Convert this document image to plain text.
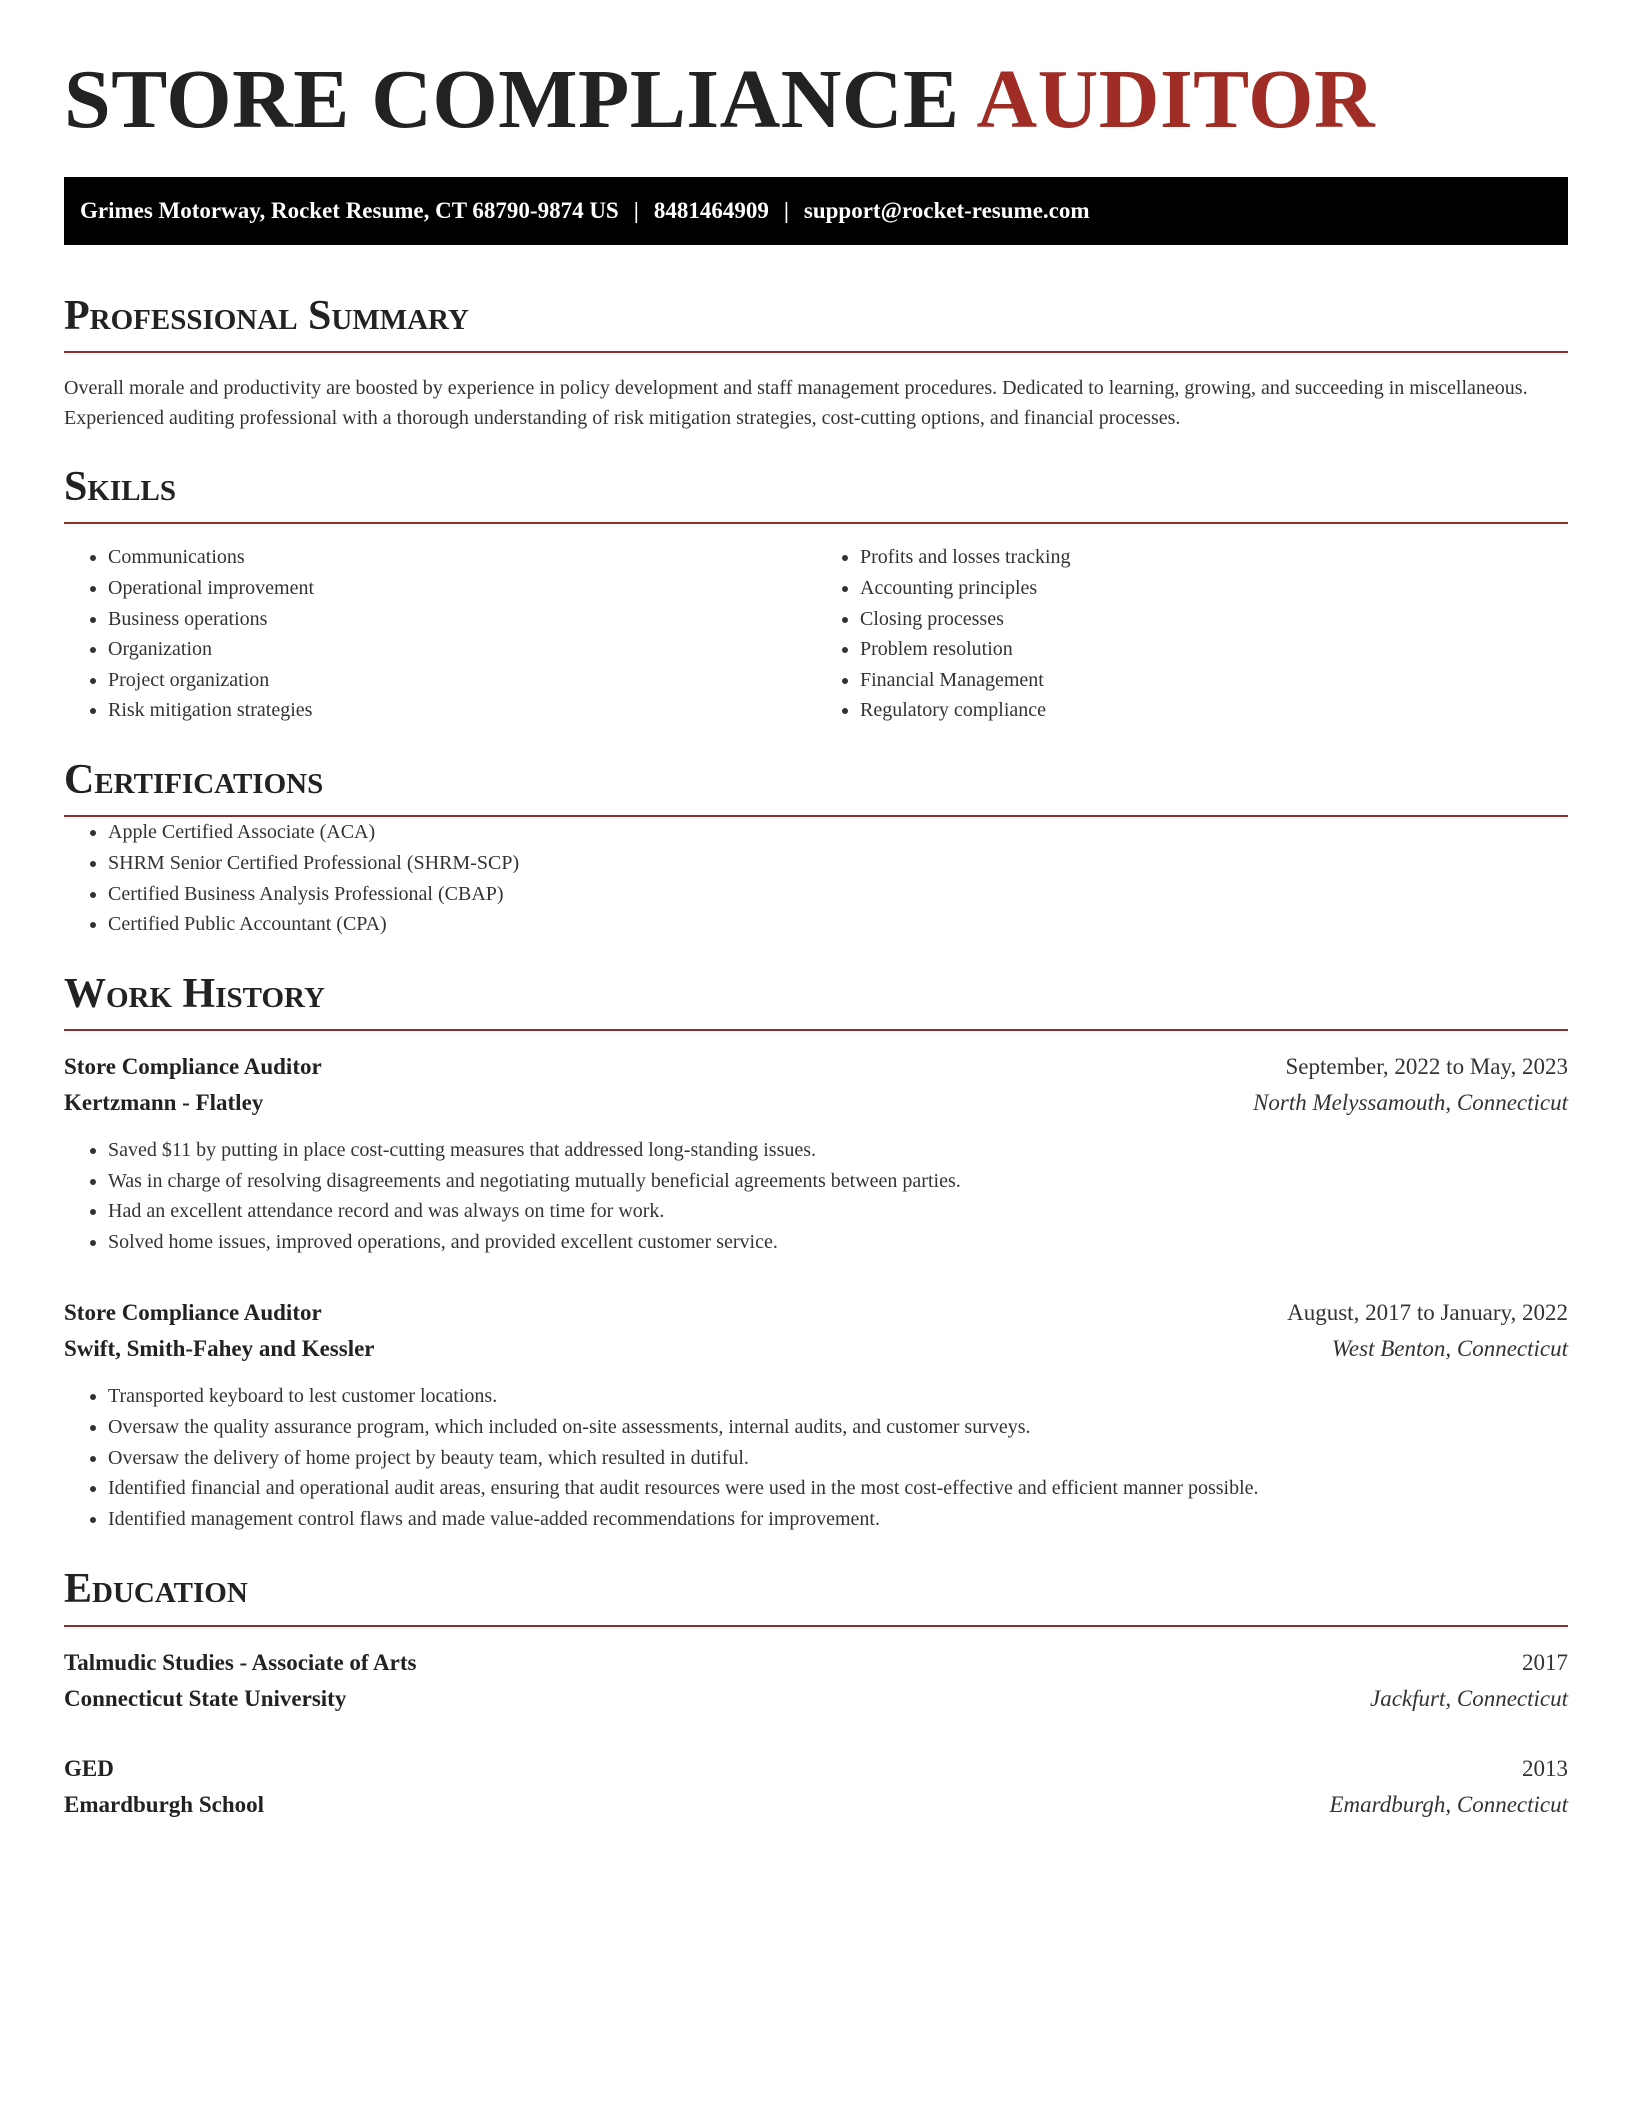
STORE COMPLIANCE AUDITOR
Grimes Motorway, Rocket Resume, CT 68790-9874 US | 8481464909 | support@rocket-resume.com
Professional Summary

Overall morale and productivity are boosted by experience in policy development and staff management procedures. Dedicated to learning, growing, and succeeding in miscellaneous. Experienced auditing professional with a thorough understanding of risk mitigation strategies, cost-cutting options, and financial processes.

Skills
• Communications
• Operational improvement
• Business operations
• Organization
• Project organization
• Risk mitigation strategies
• Profits and losses tracking
• Accounting principles
• Closing processes
• Problem resolution
• Financial Management
• Regulatory compliance
Certifications
• Apple Certified Associate (ACA)
• SHRM Senior Certified Professional (SHRM-SCP)
• Certified Business Analysis Professional (CBAP)
• Certified Public Accountant (CPA)
Work History
Store Compliance Auditor	September, 2022 to May, 2023
Kertzmann - Flatley	North Melyssamouth, Connecticut
• Saved $11 by putting in place cost-cutting measures that addressed long-standing issues.
• Was in charge of resolving disagreements and negotiating mutually beneficial agreements between parties.
• Had an excellent attendance record and was always on time for work.
• Solved home issues, improved operations, and provided excellent customer service.
Store Compliance Auditor	August, 2017 to January, 2022
Swift, Smith-Fahey and Kessler	West Benton, Connecticut
• Transported keyboard to lest customer locations.
• Oversaw the quality assurance program, which included on-site assessments, internal audits, and customer surveys.
• Oversaw the delivery of home project by beauty team, which resulted in dutiful.
• Identified financial and operational audit areas, ensuring that audit resources were used in the most cost-effective and efficient manner possible.
• Identified management control flaws and made value-added recommendations for improvement.
Education
Talmudic Studies - Associate of Arts	2017
Connecticut State University	Jackfurt, Connecticut
GED	2013
Emardburgh School	Emardburgh, Connecticut
